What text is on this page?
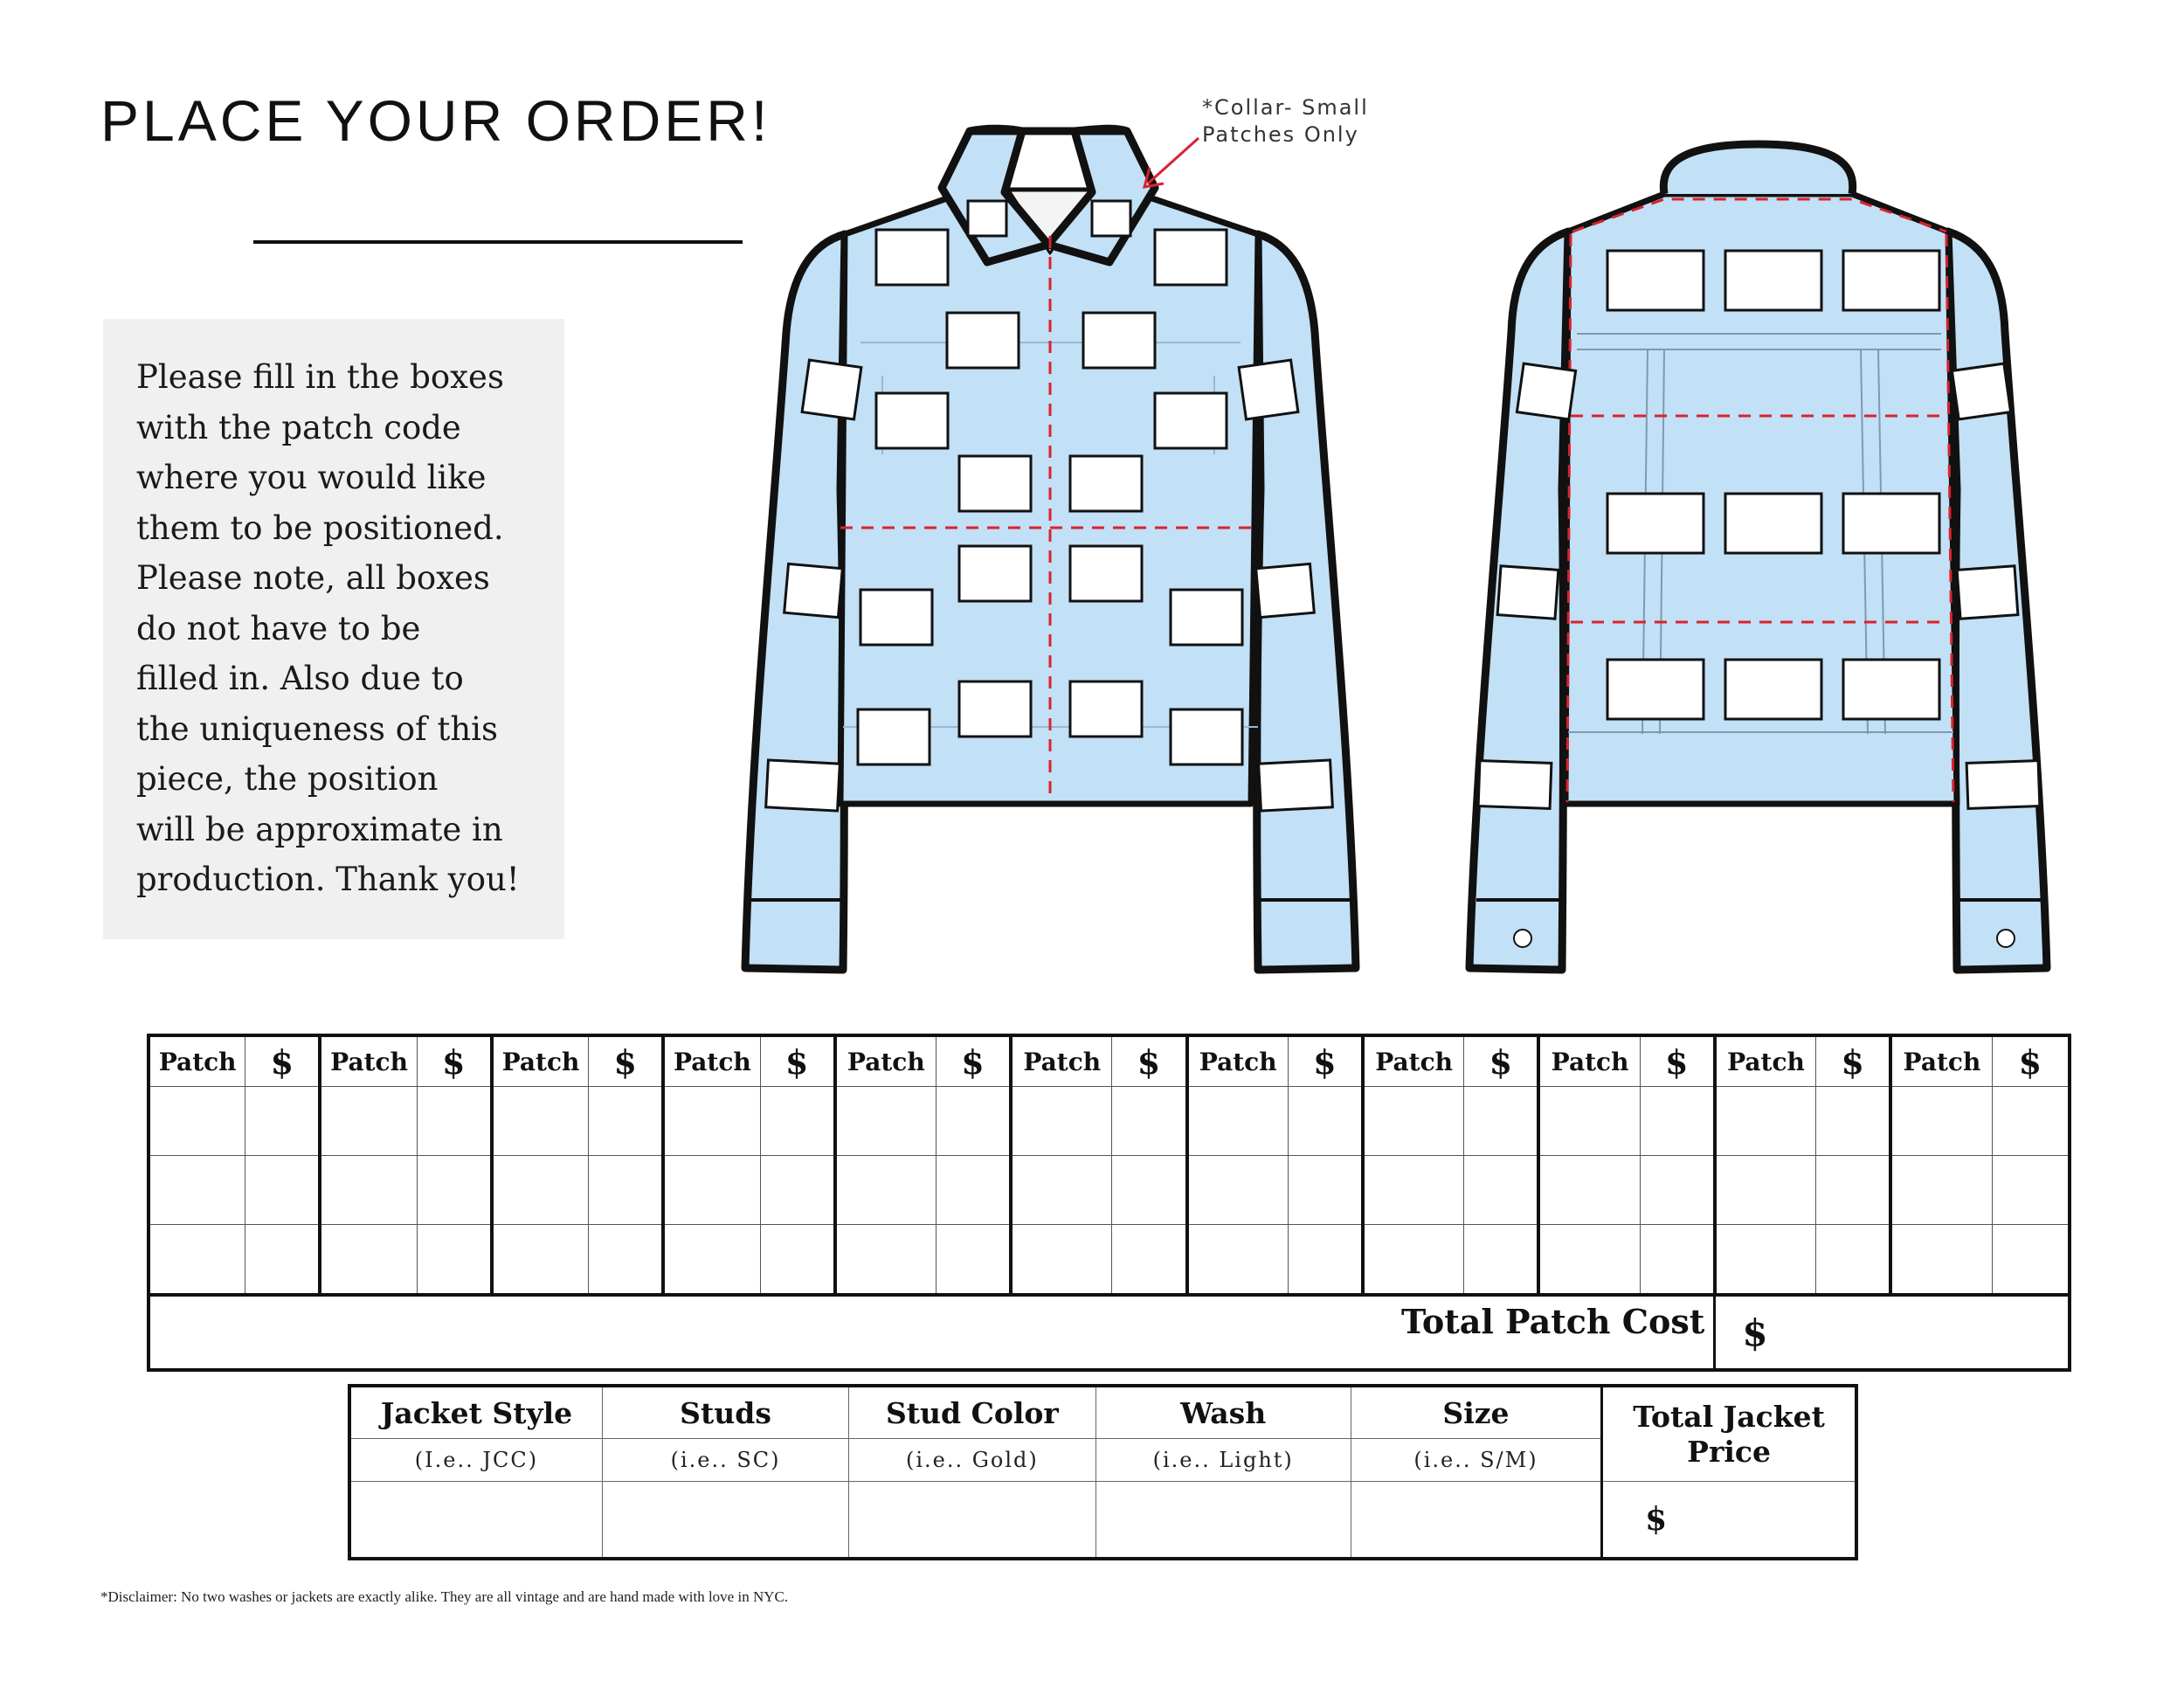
PLACE YOUR ORDER!
Please fill in the boxes
with the patch code
where you would like
them to be positioned.
Please note, all boxes
do not have to be
filled in. Also due to
the uniqueness of this
piece, the position
will be approximate in
production. Thank you!
*Collar- Small
Patches Only
Patch	$	Patch	$	Patch	$	Patch	$	Patch	$	Patch	$	Patch	$	Patch	$	Patch	$	Patch	$	Patch	$

Total Patch Cost																		$			
Jacket Style	Studs	Stud Color	Wash	Size	Total Jacket Price
(I.e.. JCC)	(i.e.. SC)	(i.e.. Gold)	(i.e.. Light)	(i.e.. S/M)	
					$
*Disclaimer: No two washes or jackets are exactly alike. They are all vintage and are hand made with love in NYC.
